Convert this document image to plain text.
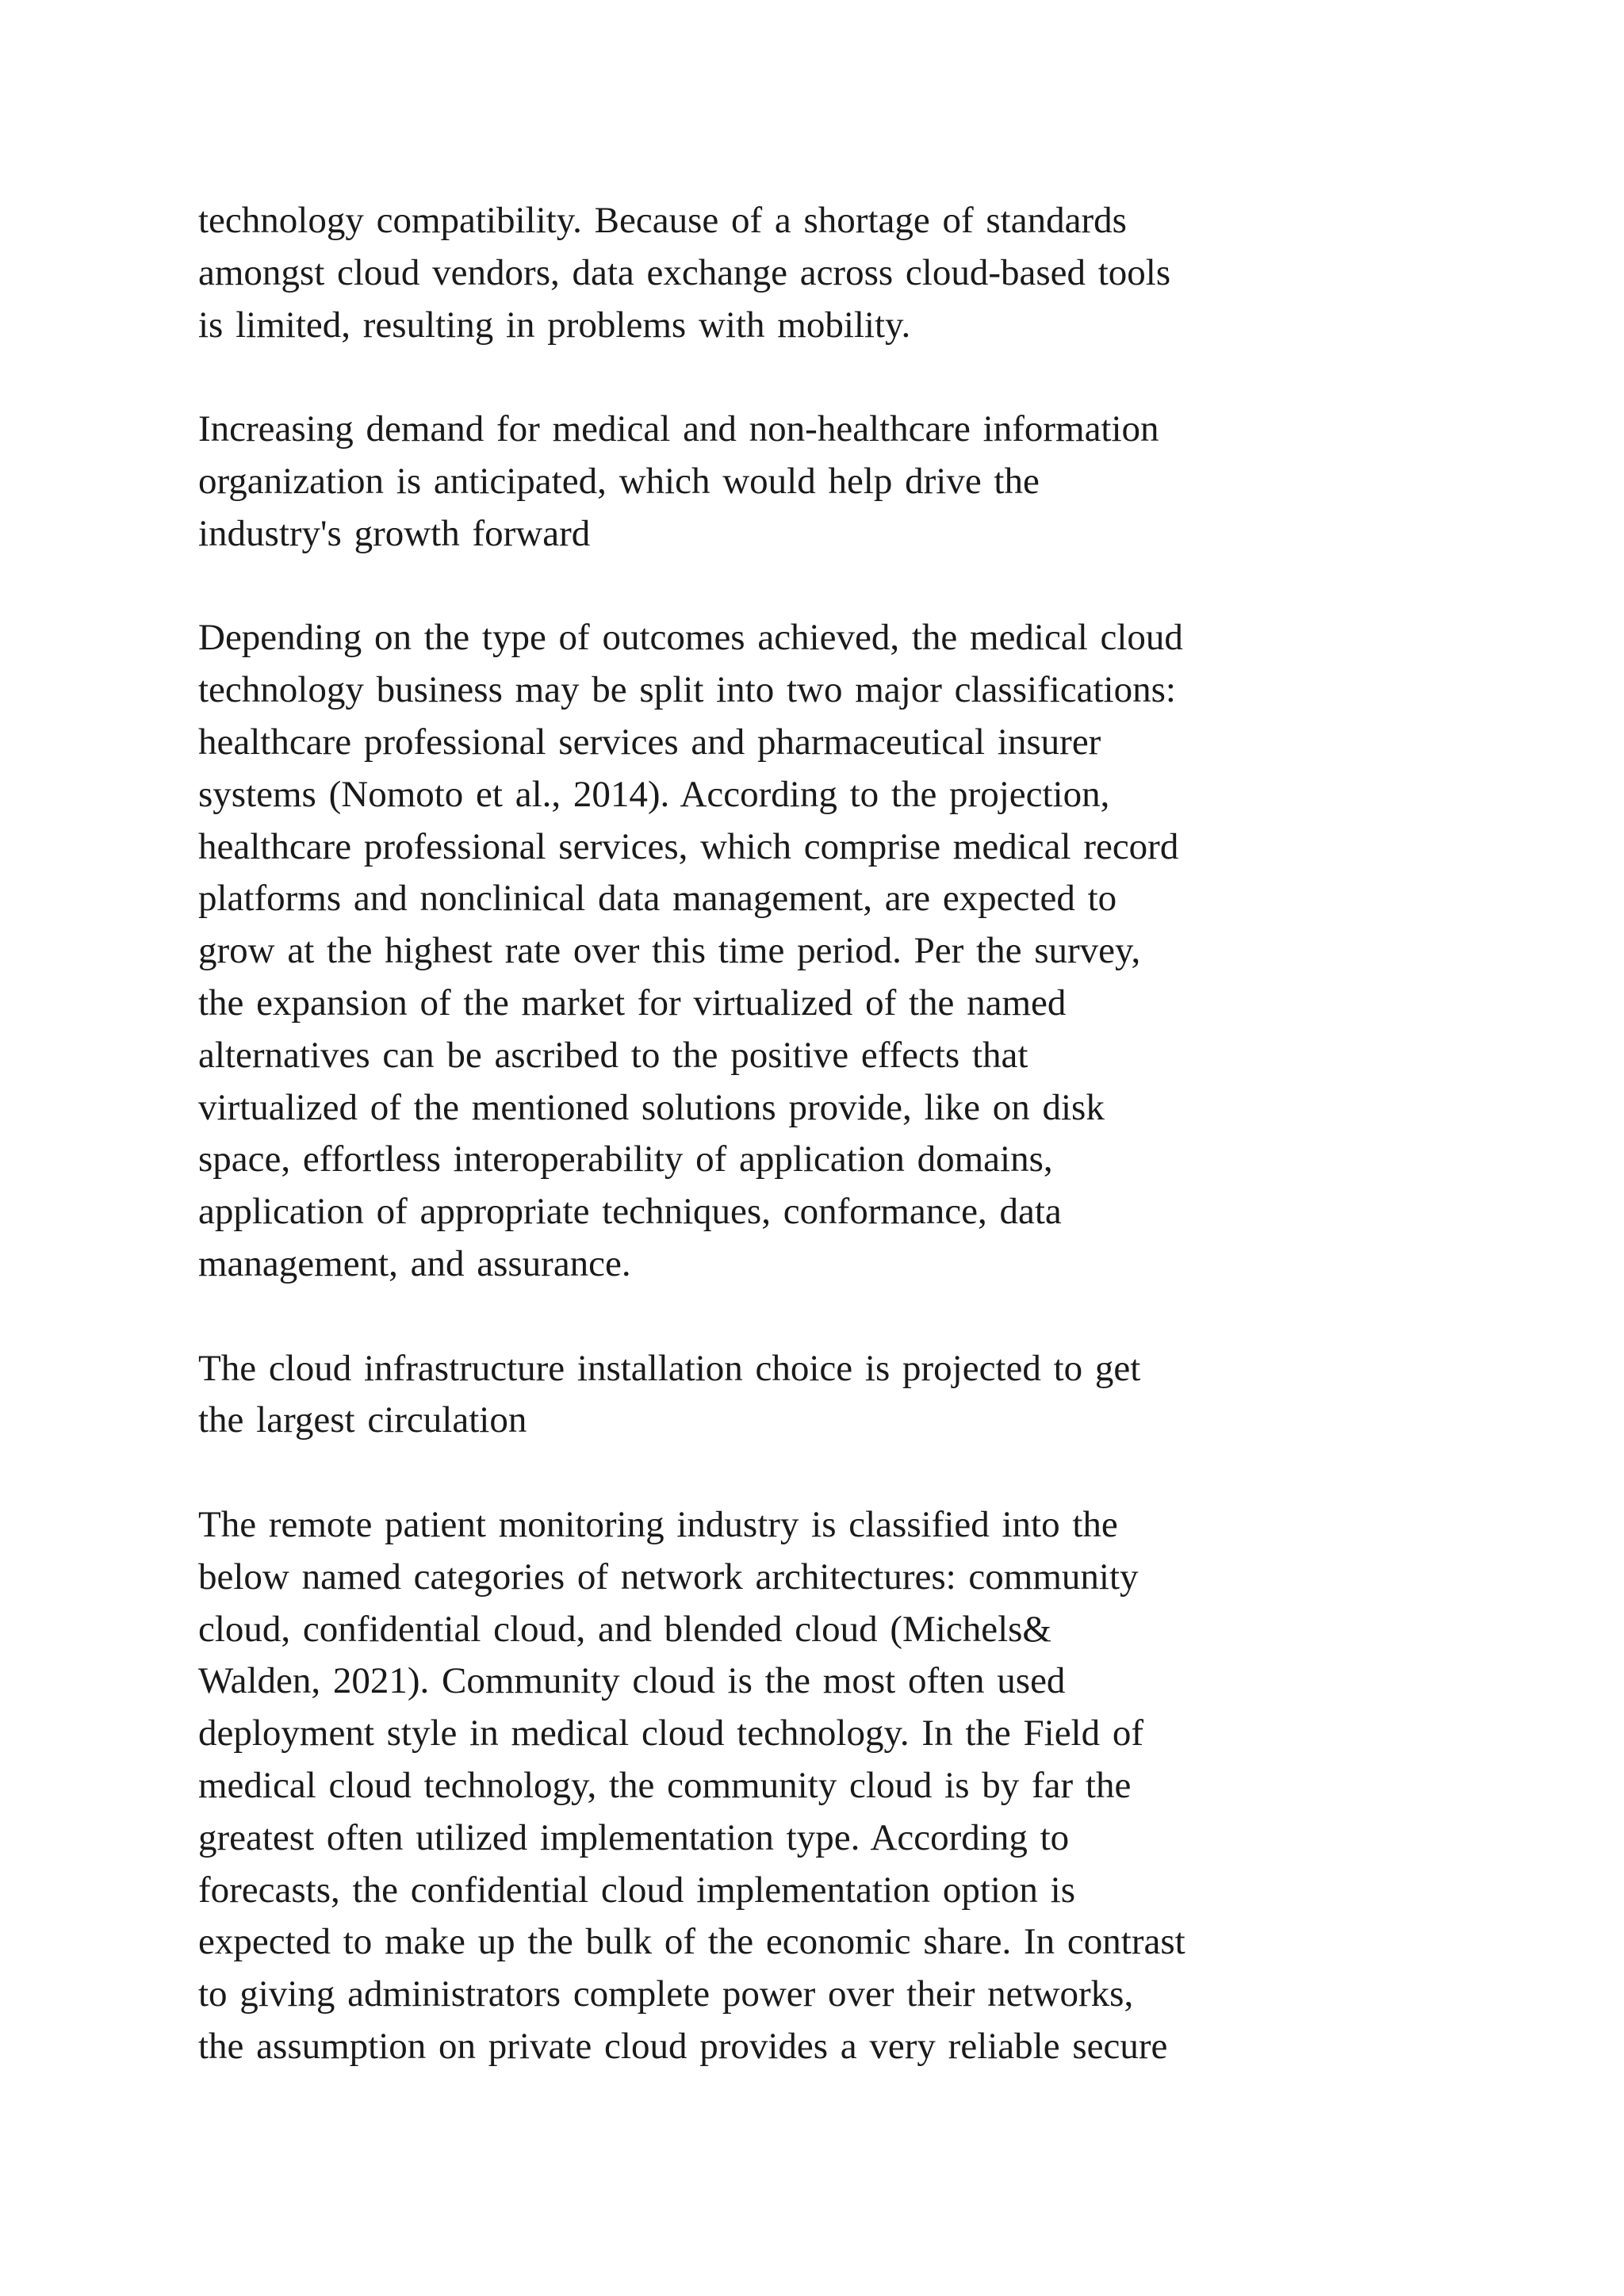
technology compatibility. Because of a shortage of standards
amongst cloud vendors, data exchange across cloud-based tools
is limited, resulting in problems with mobility.
Increasing demand for medical and non-healthcare information
organization is anticipated, which would help drive the
industry's growth forward
Depending on the type of outcomes achieved, the medical cloud
technology business may be split into two major classifications:
healthcare professional services and pharmaceutical insurer
systems (Nomoto et al., 2014). According to the projection,
healthcare professional services, which comprise medical record
platforms and nonclinical data management, are expected to
grow at the highest rate over this time period. Per the survey,
the expansion of the market for virtualized of the named
alternatives can be ascribed to the positive effects that
virtualized of the mentioned solutions provide, like on disk
space, effortless interoperability of application domains,
application of appropriate techniques, conformance, data
management, and assurance.
The cloud infrastructure installation choice is projected to get
the largest circulation
The remote patient monitoring industry is classified into the
below named categories of network architectures: community
cloud, confidential cloud, and blended cloud (Michels&
Walden, 2021). Community cloud is the most often used
deployment style in medical cloud technology. In the Field of
medical cloud technology, the community cloud is by far the
greatest often utilized implementation type. According to
forecasts, the confidential cloud implementation option is
expected to make up the bulk of the economic share. In contrast
to giving administrators complete power over their networks,
the assumption on private cloud provides a very reliable secure
